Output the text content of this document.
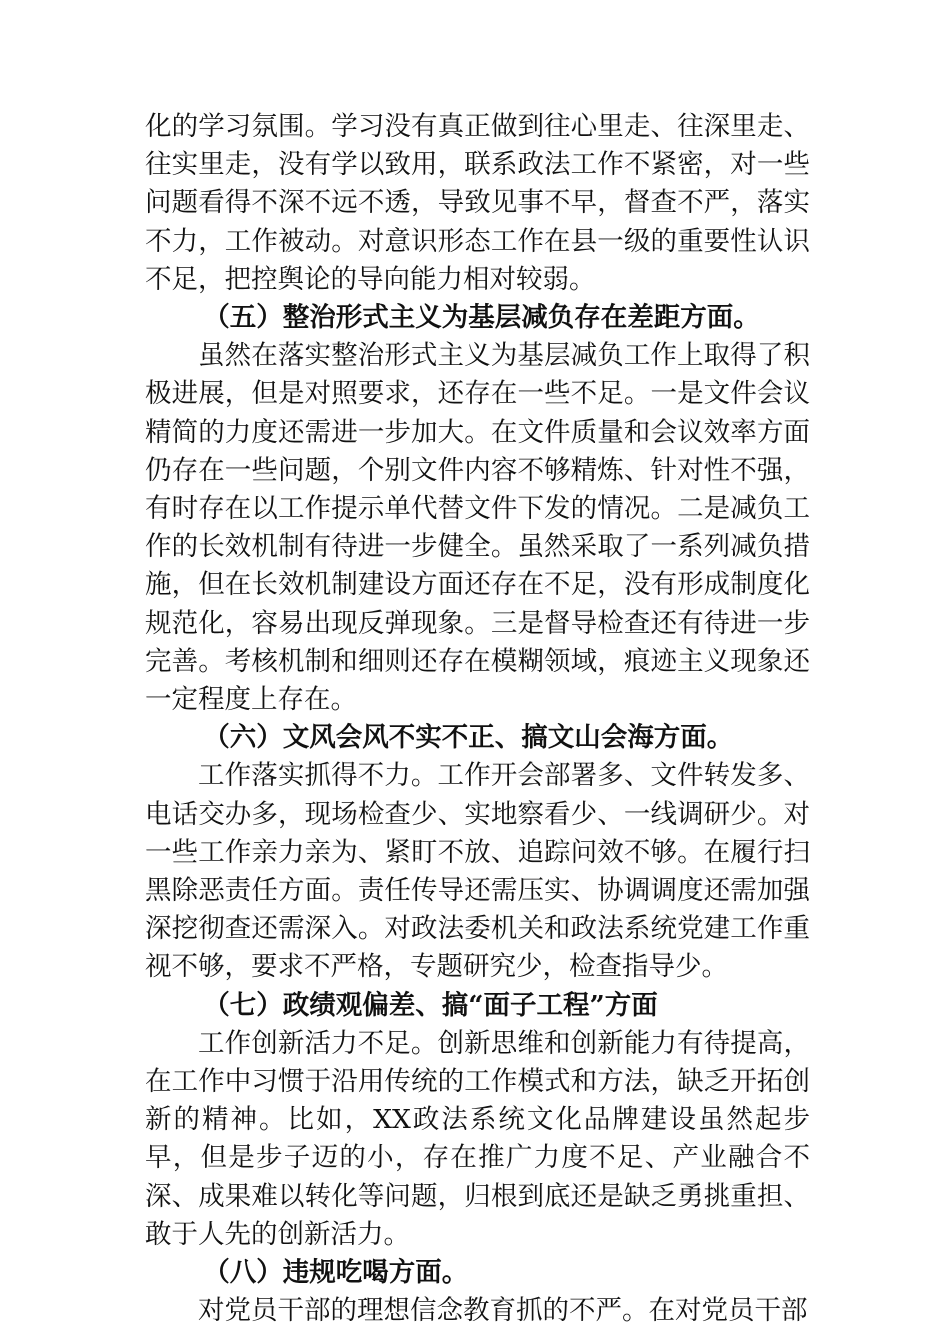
化的学习氛围。学习没有真正做到往心里走、往深里走、往实里走，没有学以致用，联系政法工作不紧密，对一些问题看得不深不远不透，导致见事不早，督查不严，落实不力，工作被动。对意识形态工作在县一级的重要性认识不足，把控舆论的导向能力相对较弱。

（五）整治形式主义为基层减负存在差距方面。

虽然在落实整治形式主义为基层减负工作上取得了积极进展，但是对照要求，还存在一些不足。一是文件会议精简的力度还需进一步加大。在文件质量和会议效率方面仍存在一些问题，个别文件内容不够精炼、针对性不强，有时存在以工作提示单代替文件下发的情况。二是减负工作的长效机制有待进一步健全。虽然采取了一系列减负措施，但在长效机制建设方面还存在不足，没有形成制度化规范化，容易出现反弹现象。三是督导检查还有待进一步完善。考核机制和细则还存在模糊领域，痕迹主义现象还一定程度上存在。

（六）文风会风不实不正、搞文山会海方面。

工作落实抓得不力。工作开会部署多、文件转发多、电话交办多，现场检查少、实地察看少、一线调研少。对一些工作亲力亲为、紧盯不放、追踪问效不够。在履行扫黑除恶责任方面。责任传导还需压实、协调调度还需加强深挖彻查还需深入。对政法委机关和政法系统党建工作重视不够，要求不严格，专题研究少，检查指导少。

（七）政绩观偏差、搞“面子工程”方面

工作创新活力不足。创新思维和创新能力有待提高，在工作中习惯于沿用传统的工作模式和方法，缺乏开拓创新的精神。比如，XX政法系统文化品牌建设虽然起步早，但是步子迈的小，存在推广力度不足、产业融合不深、成果难以转化等问题，归根到底还是缺乏勇挑重担、敢于人先的创新活力。

（八）违规吃喝方面。

对党员干部的理想信念教育抓的不严。在对党员干部
